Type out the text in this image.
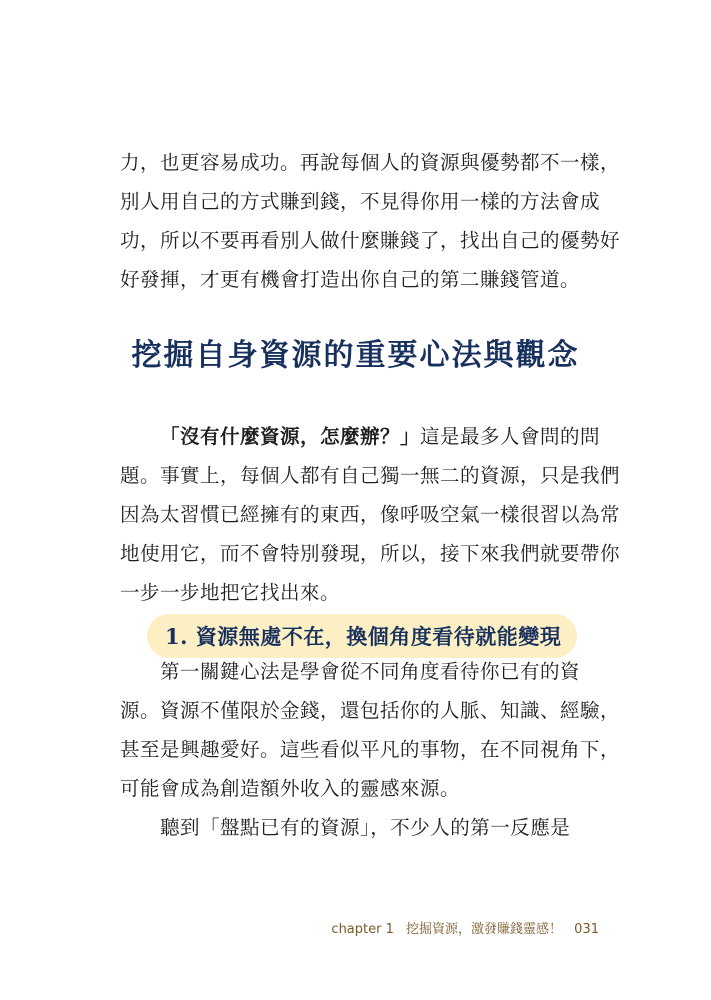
力，也更容易成功。再說每個人的資源與優勢都不一樣，
別人用自己的方式賺到錢，不見得你用一樣的方法會成
功，所以不要再看別人做什麼賺錢了，找出自己的優勢好
好發揮，才更有機會打造出你自己的第二賺錢管道。

挖掘自身資源的重要心法與觀念

「沒有什麼資源，怎麼辦？」這是最多人會問的問
題。事實上，每個人都有自己獨一無二的資源，只是我們
因為太習慣已經擁有的東西，像呼吸空氣一樣很習以為常
地使用它，而不會特別發現，所以，接下來我們就要帶你
一步一步地把它找出來。

1. 資源無處不在，換個角度看待就能變現

第一關鍵心法是學會從不同角度看待你已有的資
源。資源不僅限於金錢，還包括你的人脈、知識、經驗，
甚至是興趣愛好。這些看似平凡的事物，在不同視角下，
可能會成為創造額外收入的靈感來源。
聽到「盤點已有的資源」，不少人的第一反應是

chapter 1 挖掘資源，激發賺錢靈感！ 031
